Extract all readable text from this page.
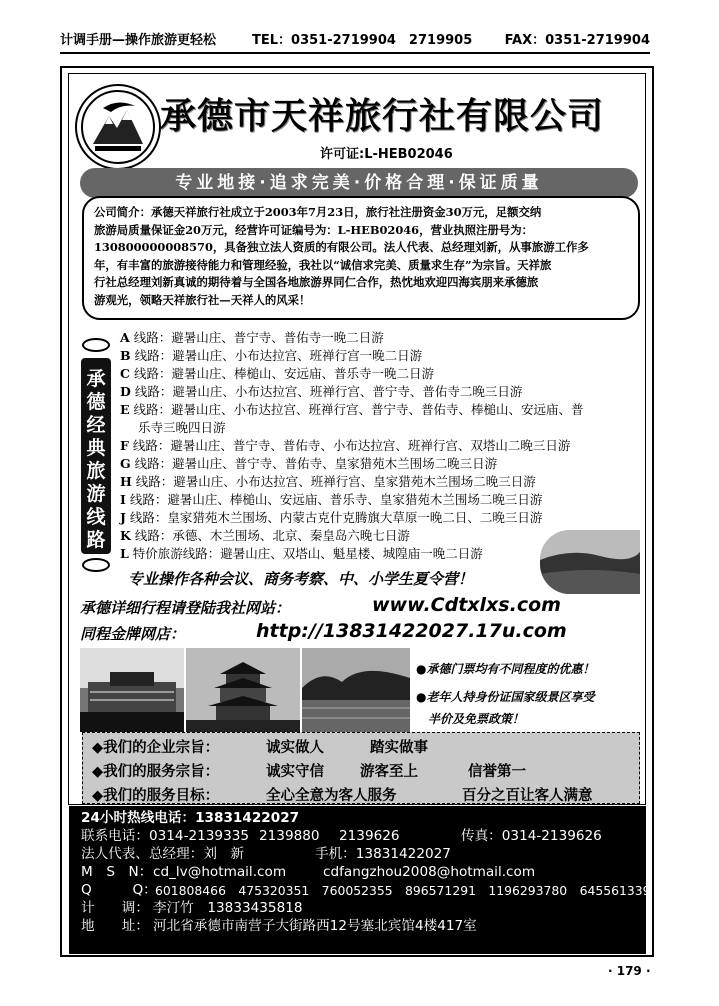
计调手册—操作旅游更轻松	TEL：0351-2719904　2719905 FAX：0351-2719904
承德市天祥旅行社有限公司
许可证:L-HEB02046
专业地接·追求完美·价格合理·保证质量
公司简介：承德天祥旅行社成立于2003年7月23日，旅行社注册资金30万元，足额交纳
旅游局质量保证金20万元，经营许可证编号为：L-HEB02046，营业执照注册号为：
130800000008570，具备独立法人资质的有限公司。法人代表、总经理刘新，从事旅游工作多
年，有丰富的旅游接待能力和管理经验，我社以“诚信求完美、质量求生存”为宗旨。天祥旅
行社总经理刘新真诚的期待着与全国各地旅游界同仁合作，热忱地欢迎四海宾朋来承德旅
游观光，领略天祥旅行社—天祥人的风采！
承
德
经
典
旅
游
线
路
A 线路：避暑山庄、普宁寺、普佑寺一晚二日游
B 线路：避暑山庄、小布达拉宫、班禅行宫一晚二日游
C 线路：避暑山庄、棒槌山、安远庙、普乐寺一晚二日游
D 线路：避暑山庄、小布达拉宫、班禅行宫、普宁寺、普佑寺二晚三日游
E 线路：避暑山庄、小布达拉宫、班禅行宫、普宁寺、普佑寺、棒槌山、安远庙、普
乐寺三晚四日游
F 线路：避暑山庄、普宁寺、普佑寺、小布达拉宫、班禅行宫、双塔山二晚三日游
G 线路：避暑山庄、普宁寺、普佑寺、皇家猎苑木兰围场二晚三日游
H 线路：避暑山庄、小布达拉宫、班禅行宫、皇家猎苑木兰围场二晚三日游
I 线路：避暑山庄、棒槌山、安远庙、普乐寺、皇家猎苑木兰围场二晚三日游
J 线路：皇家猎苑木兰围场、内蒙古克什克腾旗大草原一晚二日、二晚三日游
K 线路：承德、木兰围场、北京、秦皇岛六晚七日游
L 特价旅游线路：避暑山庄、双塔山、魁星楼、城隍庙一晚二日游
专业操作各种会议、商务考察、中、小学生夏令营！
承德详细行程请登陆我社网站：	www.Cdtxlxs.com
同程金牌网店：	http://13831422027.17u.com
●承德门票均有不同程度的优惠！
●老年人持身份证国家级景区享受
　半价及免票政策！
◆我们的企业宗旨：	诚实做人	踏实做事
◆我们的服务宗旨：	诚实守信 游客至上	信誉第一
◆我们的服务目标：	全心全意为客人服务	百分之百让客人满意
24小时热线电话：13831422027
联系电话：0314-2139335 2139880 2139626	传真：0314-2139626
法人代表、总经理：刘　新	手机：13831422027
M　S　N： cd_lv@hotmail.com	cdfangzhou2008@hotmail.com
Q　　　Q：
601808466　475320351　760052355　896571291　1196293780　645561339
计　　调： 李汀竹　13833435818
地　　址： 河北省承德市南营子大街路西12号塞北宾馆4楼417室
· 179 ·
